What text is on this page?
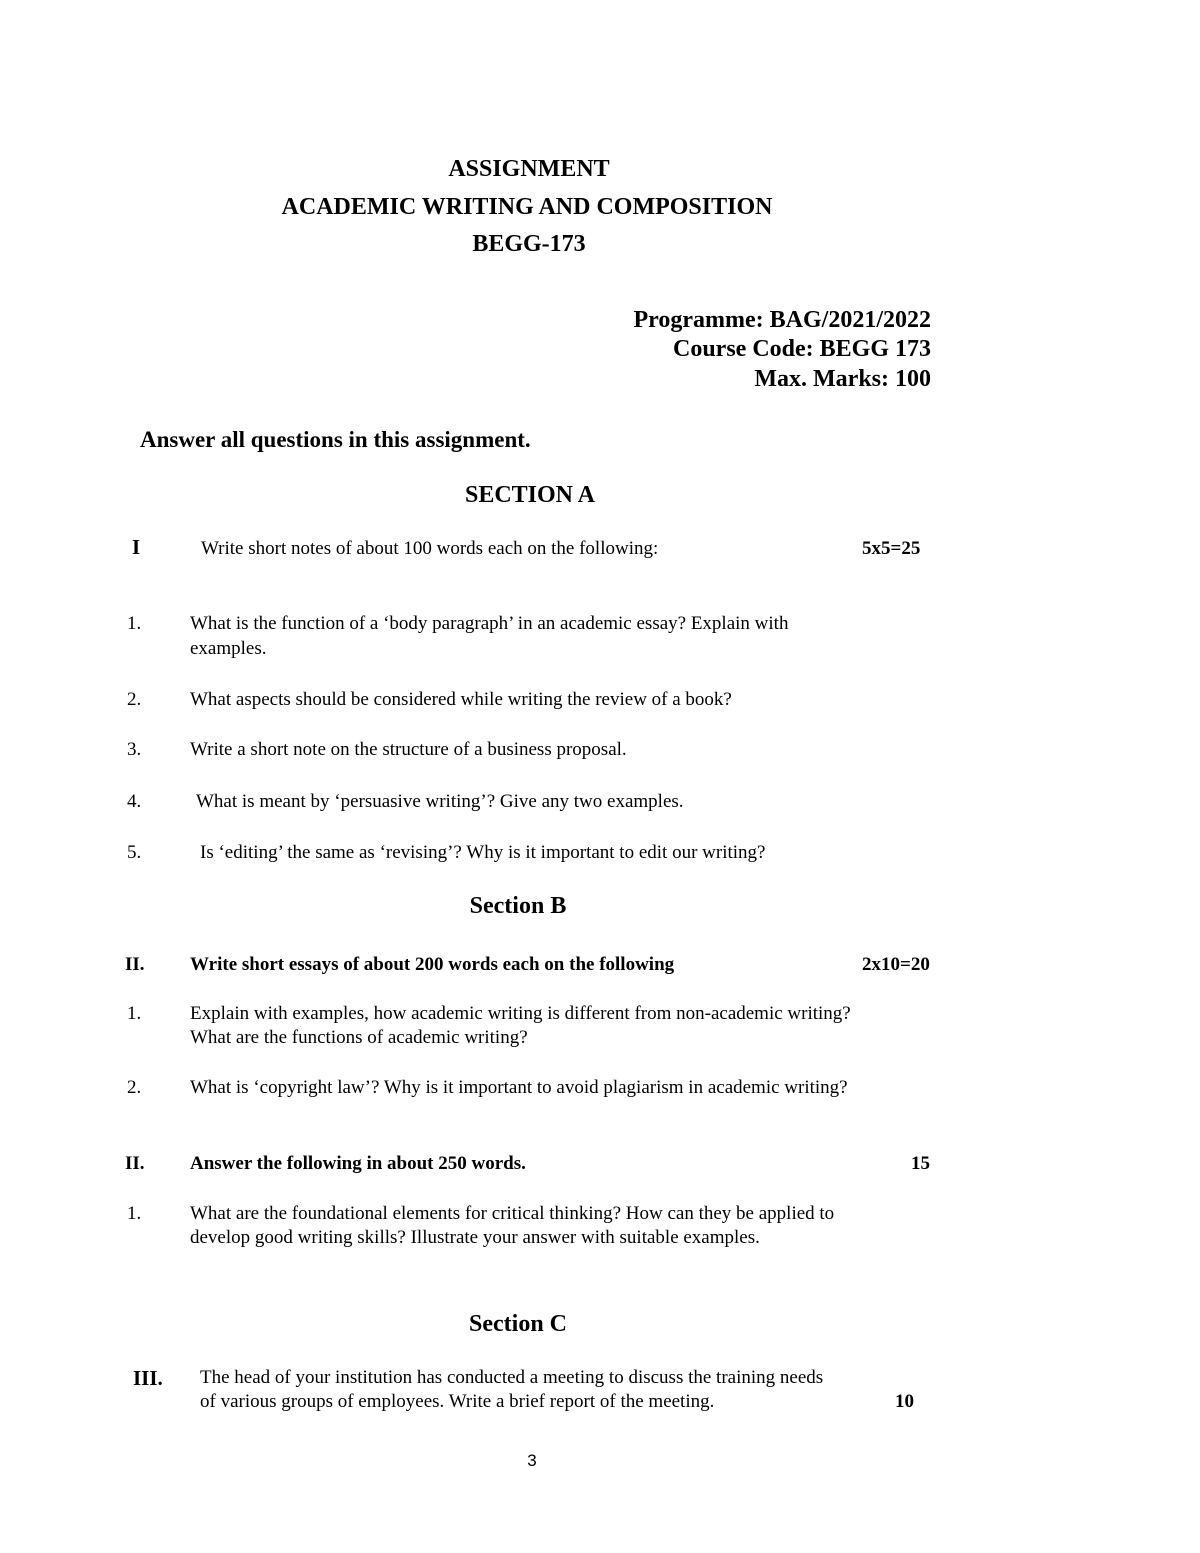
ASSIGNMENT
ACADEMIC WRITING AND COMPOSITION
BEGG-173
Programme: BAG/2021/2022
Course Code: BEGG 173
Max. Marks: 100
Answer all questions in this assignment.
SECTION A
I	Write short notes of about 100 words each on the following:	5x5=25
1.	What is the function of a ‘body paragraph’ in an academic essay? Explain with
examples.
2.	What aspects should be considered while writing the review of a book?
3.	Write a short note on the structure of a business proposal.
4.	What is meant by ‘persuasive writing’? Give any two examples.
5.	Is ‘editing’ the same as ‘revising’? Why is it important to edit our writing?
Section B
II. Write short essays of about 200 words each on the following	2x10=20
1.	Explain with examples, how academic writing is different from non-academic writing?
What are the functions of academic writing?
2.	What is ‘copyright law’? Why is it important to avoid plagiarism in academic writing?
II. Answer the following in about 250 words.	15
1.	What are the foundational elements for critical thinking? How can they be applied to
develop good writing skills? Illustrate your answer with suitable examples.
Section C
III. The head of your institution has conducted a meeting to discuss the training needs
of various groups of employees. Write a brief report of the meeting.	10
3
